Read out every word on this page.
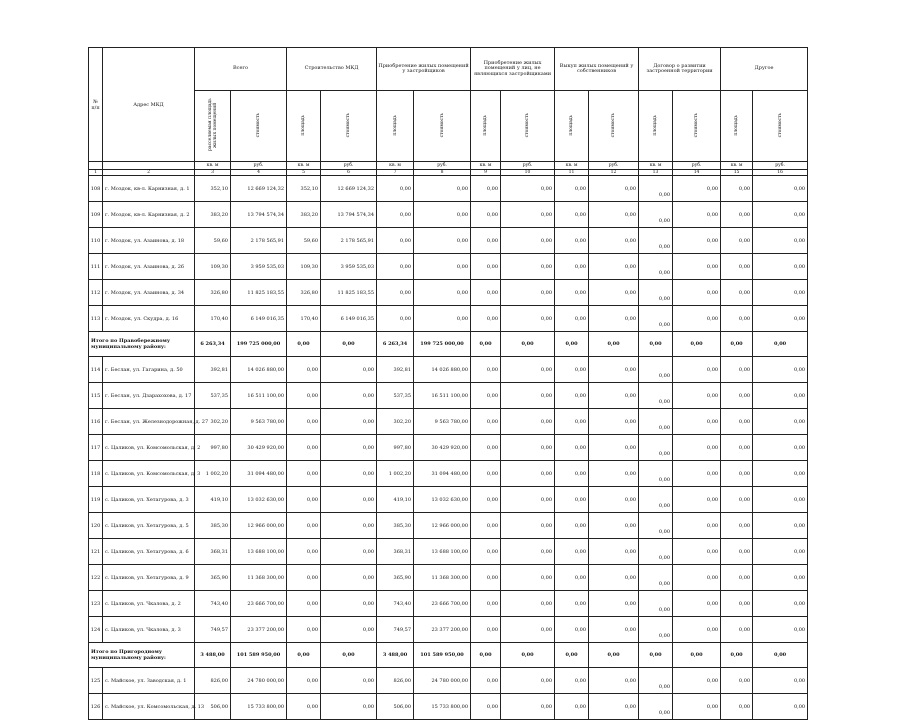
№ п/п	Адрес МКД	Всего		Строительство МКД		Приобретение жилых помещений у застройщиков		Приобретение жилых помещений у лиц, не являющихся застройщиками		Выкуп жилых помещений у собственников		Договор о развитии застроенной территории		Другое	
		расселяемая площадь жилых помещений	стоимость	площадь	стоимость	площадь	стоимость	площадь	стоимость	площадь	стоимость	площадь	стоимость	площадь	стоимость
		кв. м	руб.	кв. м	руб.	кв. м	руб.	кв. м	руб.	кв. м	руб.	кв. м	руб.	кв. м	руб.
1	2	3	4	5	6	7	8	9	10	11	12	13	14	15	16
108	г. Моздок, кв-л. Карнизная, д. 1	352,10	12 669 124,32	352,10	12 669 124,32	0,00	0,00	0,00	0,00	0,00	0,00	0,00	0,00	0,00	0,00
109	г. Моздок, кв-л. Карнизная, д. 2	383,20	13 794 574,34	383,20	13 794 574,34	0,00	0,00	0,00	0,00	0,00	0,00	0,00	0,00	0,00	0,00
110	г. Моздок, ул. Азаинова, д. 18	59,60	2 178 565,91	59,60	2 178 565,91	0,00	0,00	0,00	0,00	0,00	0,00	0,00	0,00	0,00	0,00
111	г. Моздок, ул. Азаинова, д. 26	109,30	3 959 535,03	109,30	3 959 535,03	0,00	0,00	0,00	0,00	0,00	0,00	0,00	0,00	0,00	0,00
112	г. Моздок, ул. Азаинова, д. 34	326,80	11 825 183,55	326,80	11 825 183,55	0,00	0,00	0,00	0,00	0,00	0,00	0,00	0,00	0,00	0,00
113	г. Моздок, ул. Скудра, д. 16	170,40	6 149 016,35	170,40	6 149 016,35	0,00	0,00	0,00	0,00	0,00	0,00	0,00	0,00	0,00	0,00
Итого по Правобережному муниципальному району:		6 263,34	199 725 000,00	0,00	0,00	6 263,34	199 725 000,00	0,00	0,00	0,00	0,00	0,00	0,00	0,00	0,00
114	г. Беслан, ул. Гагарина, д. 50	392,81	14 026 880,00	0,00	0,00	392,81	14 026 880,00	0,00	0,00	0,00	0,00	0,00	0,00	0,00	0,00
115	г. Беслан, ул. Дзарахохова, д. 17	537,35	16 511 100,00	0,00	0,00	537,35	16 511 100,00	0,00	0,00	0,00	0,00	0,00	0,00	0,00	0,00
116	г. Беслан, ул. Железнодорожная, д. 27	302,20	9 563 780,00	0,00	0,00	302,20	9 563 780,00	0,00	0,00	0,00	0,00	0,00	0,00	0,00	0,00
117	с. Цаликов, ул. Комсомольская, д. 2	997,80	30 429 920,00	0,00	0,00	997,80	30 429 920,00	0,00	0,00	0,00	0,00	0,00	0,00	0,00	0,00
118	с. Цаликов, ул. Комсомольская, д. 3	1 002,20	31 094 480,00	0,00	0,00	1 002,20	31 094 480,00	0,00	0,00	0,00	0,00	0,00	0,00	0,00	0,00
119	с. Цаликов, ул. Хетагурова, д. 3	419,10	13 032 630,00	0,00	0,00	419,10	13 032 630,00	0,00	0,00	0,00	0,00	0,00	0,00	0,00	0,00
120	с. Цаликов, ул. Хетагурова, д. 5	385,30	12 966 000,00	0,00	0,00	385,30	12 966 000,00	0,00	0,00	0,00	0,00	0,00	0,00	0,00	0,00
121	с. Цаликов, ул. Хетагурова, д. 6	368,31	13 688 100,00	0,00	0,00	368,31	13 688 100,00	0,00	0,00	0,00	0,00	0,00	0,00	0,00	0,00
122	с. Цаликов, ул. Хетагурова, д. 9	365,90	11 368 300,00	0,00	0,00	365,90	11 368 300,00	0,00	0,00	0,00	0,00	0,00	0,00	0,00	0,00
123	с. Цаликов, ул. Чкалова, д. 2	743,40	23 666 700,00	0,00	0,00	743,40	23 666 700,00	0,00	0,00	0,00	0,00	0,00	0,00	0,00	0,00
124	с. Цаликов, ул. Чкалова, д. 3	749,57	23 377 200,00	0,00	0,00	749,57	23 377 200,00	0,00	0,00	0,00	0,00	0,00	0,00	0,00	0,00
Итого по Пригородному муниципальному району:		3 488,00	101 589 950,00	0,00	0,00	3 488,00	101 589 950,00	0,00	0,00	0,00	0,00	0,00	0,00	0,00	0,00
125	с. Майское, ул. Заводская, д. 1	826,00	24 780 000,00	0,00	0,00	826,00	24 780 000,00	0,00	0,00	0,00	0,00	0,00	0,00	0,00	0,00
126	с. Майское, ул. Комсомольская, д. 13	506,00	15 733 800,00	0,00	0,00	506,00	15 733 800,00	0,00	0,00	0,00	0,00	0,00	0,00	0,00	0,00
